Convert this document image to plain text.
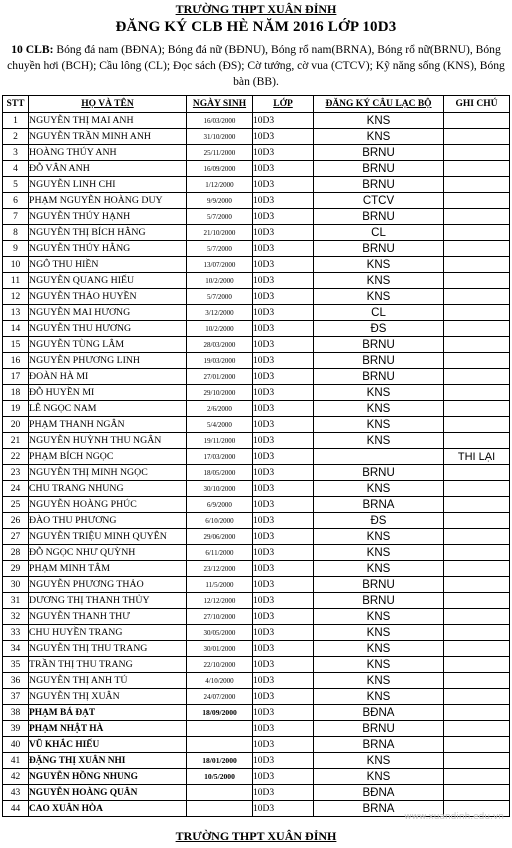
TRƯỜNG THPT XUÂN ĐỈNH
ĐĂNG KÝ CLB HÈ NĂM 2016 LỚP 10D3
10 CLB: Bóng đá nam (BĐNA); Bóng đá nữ (BĐNU), Bóng rổ nam(BRNA), Bóng rổ nữ(BRNU), Bóng chuyền hơi (BCH); Cầu lông (CL); Đọc sách (ĐS); Cờ tướng, cờ vua (CTCV); Kỹ năng sống (KNS), Bóng bàn (BB).
STT	HỌ VÀ TÊN	NGÀY SINH	LỚP	ĐĂNG KÝ CÂU LẠC BỘ	GHI CHÚ
1	NGUYỄN THỊ MAI ANH	16/03/2000	10D3	KNS	
2	NGUYỄN TRẦN MINH ANH	31/10/2000	10D3	KNS	
3	HOÀNG THÚY ANH	25/11/2000	10D3	BRNU	
4	ĐỖ VÂN ANH	16/09/2000	10D3	BRNU	
5	NGUYỄN LINH CHI	1/12/2000	10D3	BRNU	
6	PHẠM NGUYỄN HOÀNG DUY	9/9/2000	10D3	CTCV	
7	NGUYỄN THÚY HẠNH	5/7/2000	10D3	BRNU	
8	NGUYỄN THỊ BÍCH HẰNG	21/10/2000	10D3	CL	
9	NGUYỄN THÚY HẰNG	5/7/2000	10D3	BRNU	
10	NGÔ THU HIỀN	13/07/2000	10D3	KNS	
11	NGUYỄN QUANG HIẾU	10/2/2000	10D3	KNS	
12	NGUYỄN THẢO HUYỀN	5/7/2000	10D3	KNS	
13	NGUYỄN MAI HƯƠNG	3/12/2000	10D3	CL	
14	NGUYỄN THU HƯƠNG	10/2/2000	10D3	ĐS	
15	NGUYỄN TÙNG LÂM	28/03/2000	10D3	BRNU	
16	NGUYỄN PHƯƠNG LINH	19/03/2000	10D3	BRNU	
17	ĐOÀN HÀ MI	27/01/2000	10D3	BRNU	
18	ĐỖ HUYỀN MI	29/10/2000	10D3	KNS	
19	LÊ NGỌC NAM	2/6/2000	10D3	KNS	
20	PHẠM THANH NGÂN	5/4/2000	10D3	KNS	
21	NGUYỄN HUỲNH THU NGÂN	19/11/2000	10D3	KNS	
22	PHẠM BÍCH NGỌC	17/03/2000	10D3		THI LẠI
23	NGUYỄN THỊ MINH NGỌC	18/05/2000	10D3	BRNU	
24	CHU TRANG NHUNG	30/10/2000	10D3	KNS	
25	NGUYỄN HOÀNG PHÚC	6/9/2000	10D3	BRNA	
26	ĐÀO THU PHƯƠNG	6/10/2000	10D3	ĐS	
27	NGUYỄN TRIỆU MINH QUYÊN	29/06/2000	10D3	KNS	
28	ĐỖ NGỌC NHƯ QUỲNH	6/11/2000	10D3	KNS	
29	PHẠM MINH TÂM	23/12/2000	10D3	KNS	
30	NGUYỄN PHƯƠNG THẢO	11/5/2000	10D3	BRNU	
31	DƯƠNG THỊ THANH THỦY	12/12/2000	10D3	BRNU	
32	NGUYỄN THANH THƯ	27/10/2000	10D3	KNS	
33	CHU HUYỀN TRANG	30/05/2000	10D3	KNS	
34	NGUYỄN THỊ THU TRANG	30/01/2000	10D3	KNS	
35	TRẦN THỊ THU TRANG	22/10/2000	10D3	KNS	
36	NGUYỄN THỊ ANH TÚ	4/10/2000	10D3	KNS	
37	NGUYỄN THỊ XUÂN	24/07/2000	10D3	KNS	
38	PHẠM BÁ ĐẠT	18/09/2000	10D3	BĐNA	
39	PHẠM NHẬT HÀ		10D3	BRNU	
40	VŨ KHẮC HIẾU		10D3	BRNA	
41	ĐẶNG THỊ XUÂN NHI	18/01/2000	10D3	KNS	
42	NGUYỄN HỒNG NHUNG	10/5/2000	10D3	KNS	
43	NGUYỄN HOÀNG QUÂN		10D3	BĐNA	
44	CAO XUÂN HÒA		10D3	BRNA	
www.xuandinh.edu.vn
TRƯỜNG THPT XUÂN ĐỈNH
